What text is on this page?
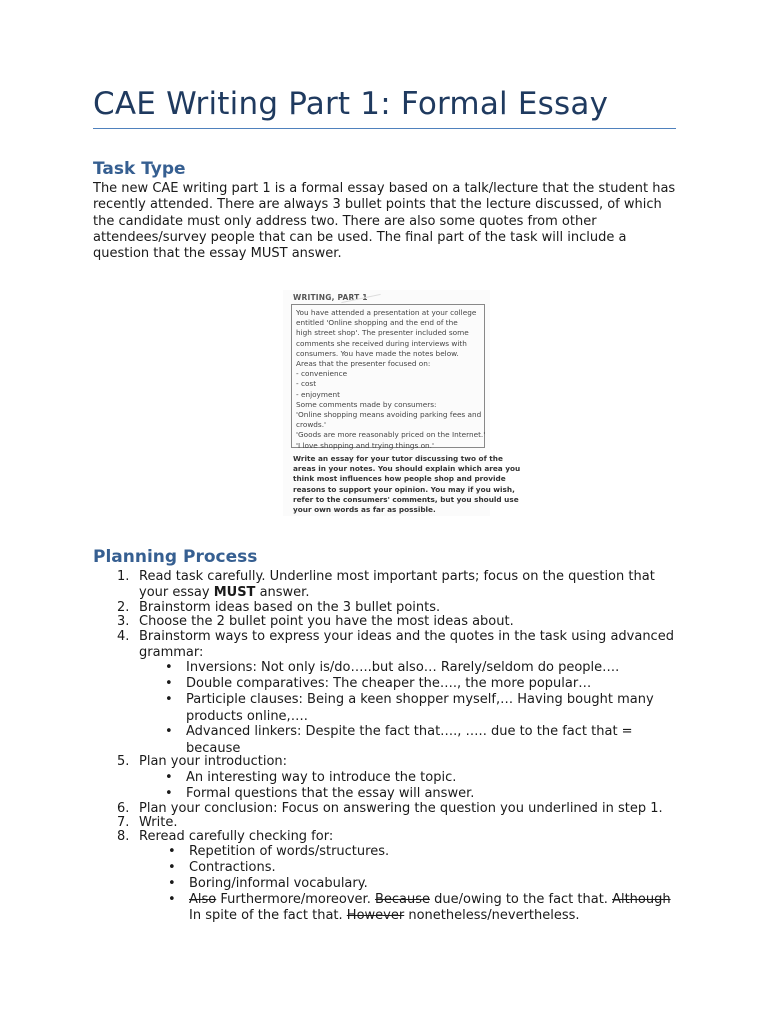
CAE Writing Part 1: Formal Essay
Task Type
The new CAE writing part 1 is a formal essay based on a talk/lecture that the student has
recently attended. There are always 3 bullet points that the lecture discussed, of which
the candidate must only address two. There are also some quotes from other
attendees/survey people that can be used. The final part of the task will include a
question that the essay MUST answer.
WRITING, PART 1
You have attended a presentation at your college
entitled 'Online shopping and the end of the
high street shop'. The presenter included some
comments she received during interviews with
consumers. You have made the notes below.
Areas that the presenter focused on:
- convenience
- cost
- enjoyment
Some comments made by consumers:
'Online shopping means avoiding parking fees and
crowds.'
'Goods are more reasonably priced on the Internet.'
'I love shopping and trying things on.'
Write an essay for your tutor discussing two of the
areas in your notes. You should explain which area you
think most influences how people shop and provide
reasons to support your opinion. You may if you wish,
refer to the consumers' comments, but you should use
your own words as far as possible.
Planning Process
1. Read task carefully. Underline most important parts; focus on the question that
your essay MUST answer.
2. Brainstorm ideas based on the 3 bullet points.
3. Choose the 2 bullet point you have the most ideas about.
4. Brainstorm ways to express your ideas and the quotes in the task using advanced
grammar:
• Inversions: Not only is/do…..but also… Rarely/seldom do people….
• Double comparatives: The cheaper the…., the more popular…
• Participle clauses: Being a keen shopper myself,… Having bought many
products online,….
• Advanced linkers: Despite the fact that…., ….. due to the fact that =
because
5. Plan your introduction:
• An interesting way to introduce the topic.
• Formal questions that the essay will answer.
6. Plan your conclusion: Focus on answering the question you underlined in step 1.
7. Write.
8. Reread carefully checking for:
• Repetition of words/structures.
• Contractions.
• Boring/informal vocabulary.
• Also Furthermore/moreover. Because due/owing to the fact that. Although
In spite of the fact that. However nonetheless/nevertheless.
